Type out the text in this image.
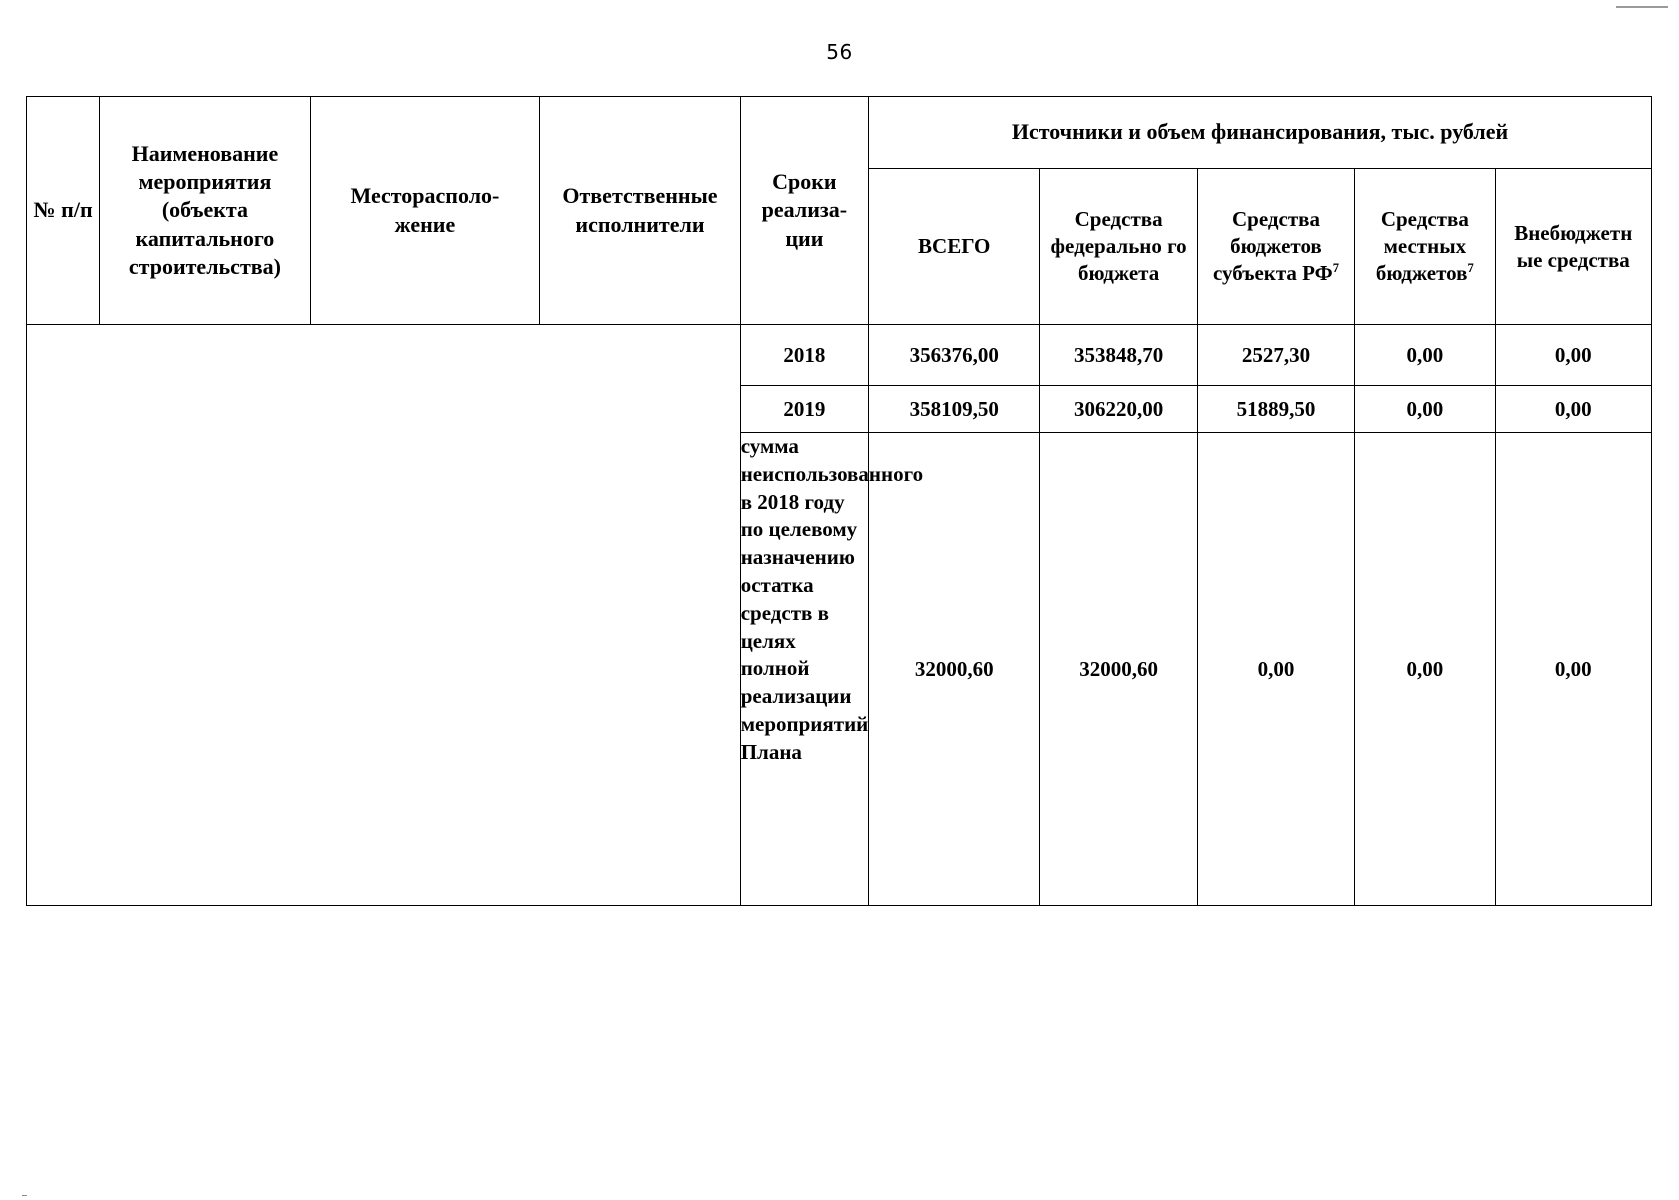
56
№ п/п	Наименование мероприятия (объекта капитального строительства)	Месторасполо-жение	Ответственные исполнители	Сроки реализа-ции	Источники и объем финансирования, тыс. рублей				

					ВСЕГО	Средства федерально го бюджета	Средства бюджетов субъекта $РФ^7$	Средства местных бюджетов$^7$	Внебюджетн ые средства

				2018	356376,00	353848,70	2527,30	0,00	0,00
				2019	358109,50	306220,00	51889,50	0,00	0,00
				сумма неиспользованного в 2018 году по целевому назначению остатка средств в целях полной реализации мероприятий Плана	32000,60	32000,60	0,00	0,00	0,00
